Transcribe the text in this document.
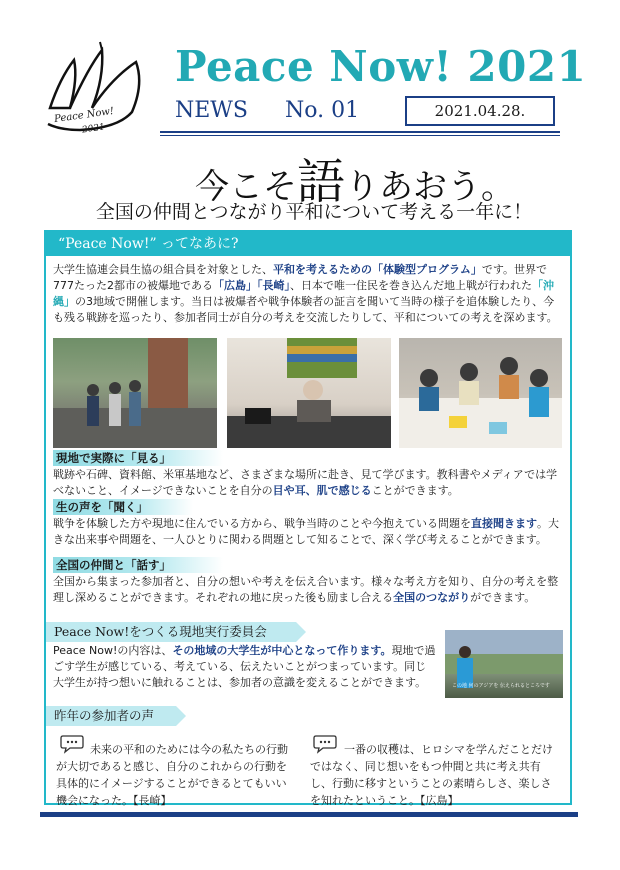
Peace Now!
2021
Peace Now! 2021
NEWS No. 01	2021.04.28.
今こそ語りあおう。
全国の仲間とつながり平和について考える一年に！
“Peace Now!” ってなあに?
大学生協連会員生協の組合員を対象とした、平和を考えるための「体験型プログラム」です。世界で777たった2都市の被爆地である「広島」「長崎」、日本で唯一住民を巻き込んだ地上戦が行われた「沖縄」の3地域で開催します。当日は被爆者や戦争体験者の証言を聞いて当時の様子を追体験したり、今も残る戦跡を巡ったり、参加者同士が自分の考えを交流したりして、平和についての考えを深めます。
現地で実際に「見る」
戦跡や石碑、資料館、米軍基地など、さまざまな場所に赴き、見て学びます。教科書やメディアでは学べないこと、イメージできないことを自分の目や耳、肌で感じることができます。
生の声を「聞く」
戦争を体験した方や現地に住んでいる方から、戦争当時のことや今抱えている問題を直接聞きます。大きな出来事や問題を、一人ひとりに関わる問題として知ることで、深く学び考えることができます。
全国の仲間と「話す」
全国から集まった参加者と、自分の想いや考えを伝え合います。様々な考え方を知り、自分の考えを整理し深めることができます。それぞれの地に戻った後も励まし合える全国のつながりができます。
Peace Now!をつくる現地実行委員会
Peace Now!の内容は、その地域の大学生が中心となって作ります。現地で過ごす学生が感じている、考えている、伝えたいことがつまっています。同じ大学生が持つ想いに触れることは、参加者の意識を変えることができます。	この地 何のアジアを 伝えられるところです
昨年の参加者の声
未来の平和のためには今の私たちの行動が大切であると感じ、自分のこれからの行動を具体的にイメージすることができるとてもいい機会になった。【長崎】
一番の収穫は、ヒロシマを学んだことだけではなく、同じ想いをもつ仲間と共に考え共有し、行動に移すということの素晴らしさ、楽しさを知れたということ。【広島】
